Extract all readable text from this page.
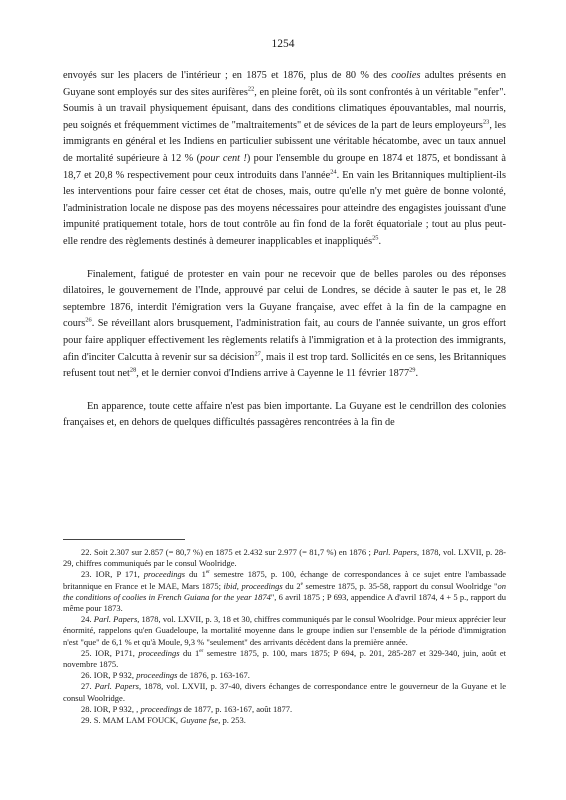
1254

envoyés sur les placers de l'intérieur ; en 1875 et 1876, plus de 80 % des coolies adultes présents en Guyane sont employés sur des sites aurifères$^{22}$, en pleine forêt, où ils sont confrontés à un véritable "enfer". Soumis à un travail physiquement épuisant, dans des conditions climatiques épouvantables, mal nourris, peu soignés et fréquemment victimes de "maltraitements" et de sévices de la part de leurs employeurs$^{23}$, les immigrants en général et les Indiens en particulier subissent une véritable hécatombe, avec un taux annuel de mortalité supérieure à 12 % (pour cent !) pour l'ensemble du groupe en 1874 et 1875, et bondissant à 18,7 et 20,8 % respectivement pour ceux introduits dans l'année$^{24}$. En vain les Britanniques multiplient-ils les interventions pour faire cesser cet état de choses, mais, outre qu'elle n'y met guère de bonne volonté, l'administration locale ne dispose pas des moyens nécessaires pour atteindre des engagistes jouissant d'une impunité pratiquement totale, hors de tout contrôle au fin fond de la forêt équatoriale ; tout au plus peut-elle rendre des règlements destinés à demeurer inapplicables et inappliqués$^{25}$.

Finalement, fatigué de protester en vain pour ne recevoir que de belles paroles ou des réponses dilatoires, le gouvernement de l'Inde, approuvé par celui de Londres, se décide à sauter le pas et, le 28 septembre 1876, interdit l'émigration vers la Guyane française, avec effet à la fin de la campagne en cours$^{26}$. Se réveillant alors brusquement, l'administration fait, au cours de l'année suivante, un gros effort pour faire appliquer effectivement les règlements relatifs à l'immigration et à la protection des immigrants, afin d'inciter Calcutta à revenir sur sa décision$^{27}$, mais il est trop tard. Sollicités en ce sens, les Britanniques refusent tout net$^{28}$, et le dernier convoi d'Indiens arrive à Cayenne le 11 février 1877$^{29}$.

En apparence, toute cette affaire n'est pas bien importante. La Guyane est le cendrillon des colonies françaises et, en dehors de quelques difficultés passagères rencontrées à la fin de

22. Soit 2.307 sur 2.857 (= 80,7 %) en 1875 et 2.432 sur 2.977 (= 81,7 %) en 1876 ; Parl. Papers, 1878, vol. LXVII, p. 28-29, chiffres communiqués par le consul Woolridge.

23. IOR, P 171, proceedings du 1er semestre 1875, p. 100, échange de correspondances à ce sujet entre l'ambassade britannique en France et le MAE, Mars 1875; ibid, proceedings du 2e semestre 1875, p. 35-58, rapport du consul Woolridge "on the conditions of coolies in French Guiana for the year 1874", 6 avril 1875 ; P 693, appendice A d'avril 1874, 4 + 5 p., rapport du même pour 1873.

24. Parl. Papers, 1878, vol. LXVII, p. 3, 18 et 30, chiffres communiqués par le consul Woolridge. Pour mieux apprécier leur énormité, rappelons qu'en Guadeloupe, la mortalité moyenne dans le groupe indien sur l'ensemble de la période d'immigration n'est "que" de 6,1 % et qu'à Moule, 9,3 % "seulement" des arrivants décèdent dans la première année.

25. IOR, P171, proceedings du 1er semestre 1875, p. 100, mars 1875; P 694, p. 201, 285-287 et 329-340, juin, août et novembre 1875.

26. IOR, P 932, proceedings de 1876, p. 163-167.

27. Parl. Papers, 1878, vol. LXVII, p. 37-40, divers échanges de correspondance entre le gouverneur de la Guyane et le consul Woolridge.

28. IOR, P 932, , proceedings de 1877, p. 163-167, août 1877.

29. S. MAM LAM FOUCK, Guyane fse, p. 253.
